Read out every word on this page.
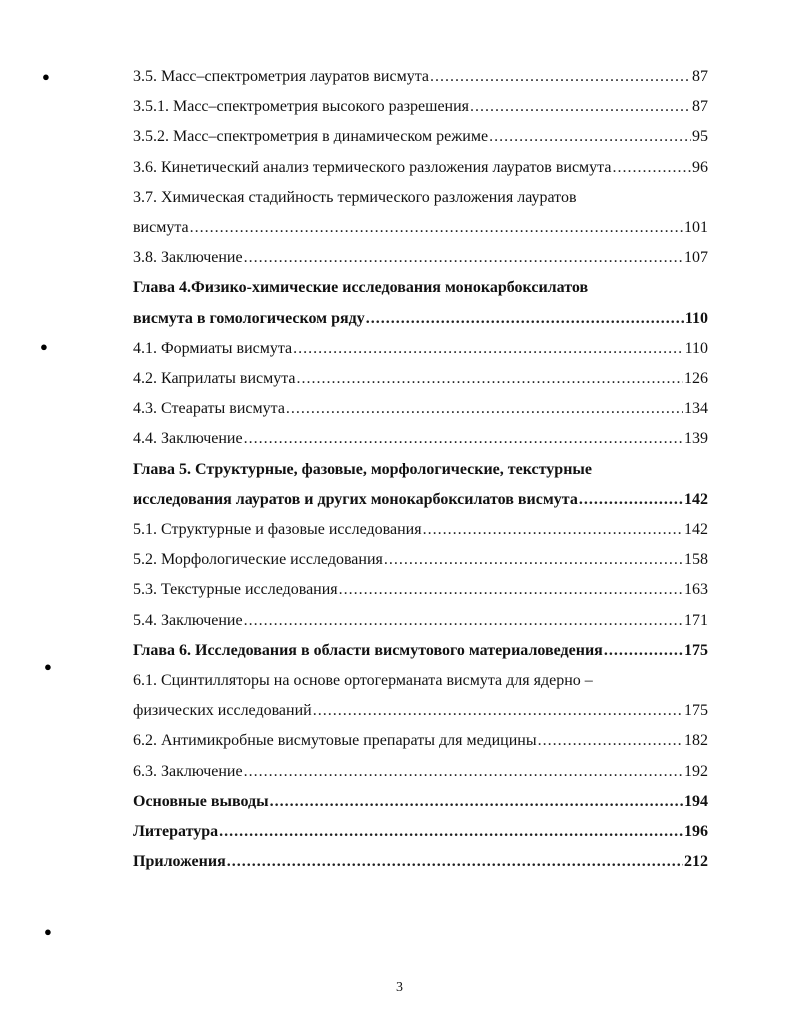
3.5. Масс–спектрометрия лауратов висмута .....	87
3.5.1. Масс–спектрометрия высокого разрешения .....	87
3.5.2. Масс–спектрометрия в динамическом режиме .....	95
3.6. Кинетический анализ термического разложения лауратов висмута .....	96
3.7. Химическая стадийность термического разложения лауратов
висмута .....	101
3.8. Заключение .....	107
Глава 4.Физико-химические исследования монокарбоксилатов
висмута в гомологическом ряду .....	110
4.1. Формиаты висмута .....	110
4.2. Каприлаты висмута .....	126
4.3. Стеараты висмута .....	134
4.4. Заключение .....	139
Глава 5. Структурные, фазовые, морфологические, текстурные
исследования лауратов и других монокарбоксилатов висмута .....	142
5.1. Структурные и фазовые исследования .....	142
5.2. Морфологические исследования .....	158
5.3. Текстурные исследования .....	163
5.4. Заключение .....	171
Глава 6. Исследования в области висмутового материаловедения .....	175
6.1. Сцинтилляторы на основе ортогерманата висмута для ядерно –
физических исследований .....	175
6.2. Антимикробные висмутовые препараты для медицины .....	182
6.3. Заключение .....	192
Основные выводы .....	194
Литература .....	196
Приложения .....	212
3
●
●
●
●
